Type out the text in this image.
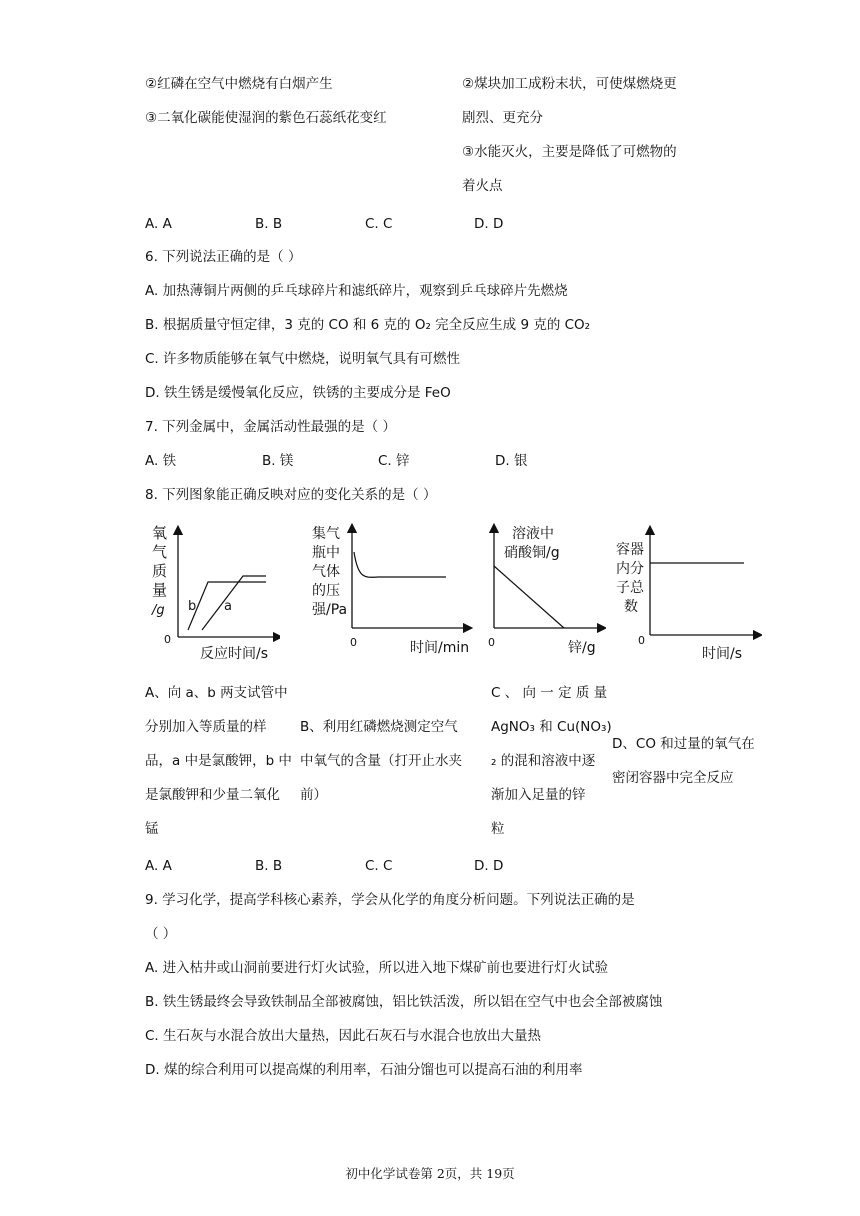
②红磷在空气中燃烧有白烟产生
③二氧化碳能使湿润的紫色石蕊纸花变红
②煤块加工成粉末状，可使煤燃烧更
剧烈、更充分
③水能灭火，主要是降低了可燃物的
着火点
A. A	B. B	C. C	D. D
6. 下列说法正确的是（ ）
A. 加热薄铜片两侧的乒乓球碎片和滤纸碎片，观察到乒乓球碎片先燃烧
B. 根据质量守恒定律，3 克的 CO 和 6 克的 O₂ 完全反应生成 9 克的 CO₂
C. 许多物质能够在氧气中燃烧，说明氧气具有可燃性
D. 铁生锈是缓慢氧化反应，铁锈的主要成分是 FeO
7. 下列金属中，金属活动性最强的是（ ）
A. 铁	B. 镁	C. 锌	D. 银
8. 下列图象能正确反映对应的变化关系的是（ ）
氧
气
质
量
/g
0
b a
反应时间/s
集气
瓶中
气体
的压
强/Pa
0	时间/min
溶液中
硝酸铜/g
0	锌/g
容器
内分
子总
数
0
时间/s
A、向 a、b 两支试管中
分别加入等质量的样
品，a 中是氯酸钾，b 中
是氯酸钾和少量二氧化
锰
B、利用红磷燃烧测定空气
中氧气的含量（打开止水夹
前）
C 、 向 一 定 质 量
AgNO₃ 和 Cu(NO₃)
₂ 的混和溶液中逐
渐加入足量的锌
粒
D、CO 和过量的氧气在
密闭容器中完全反应
A. A	B. B	C. C	D. D
9. 学习化学，提高学科核心素养，学会从化学的角度分析问题。下列说法正确的是
（ ）
A. 进入枯井或山洞前要进行灯火试验，所以进入地下煤矿前也要进行灯火试验
B. 铁生锈最终会导致铁制品全部被腐蚀，铝比铁活泼，所以铝在空气中也会全部被腐蚀
C. 生石灰与水混合放出大量热，因此石灰石与水混合也放出大量热
D. 煤的综合利用可以提高煤的利用率，石油分馏也可以提高石油的利用率
初中化学试卷第 2页，共 19页
